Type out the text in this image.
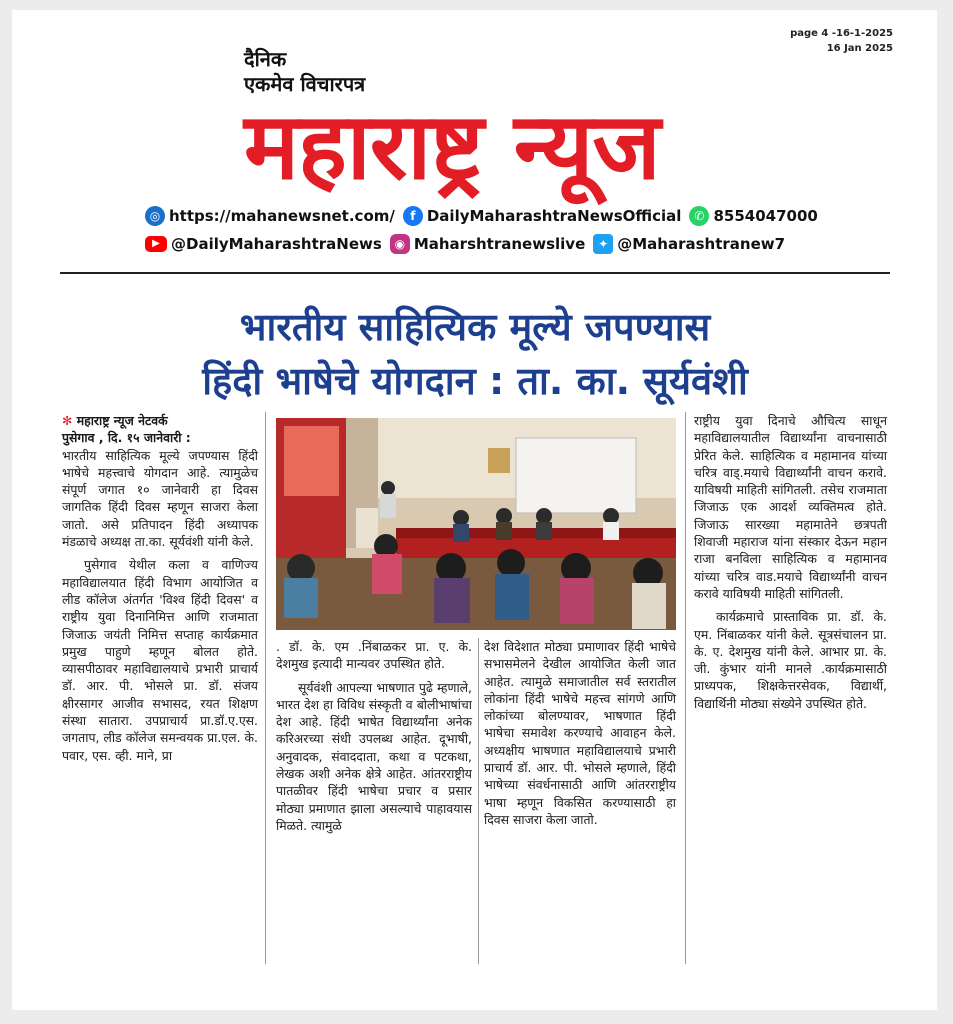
page 4 -16-1-2025
16 Jan 2025
दैनिक
एकमेव विचारपत्र
महाराष्ट्र न्यूज
◎ https://mahanewsnet.com/	f DailyMaharashtraNewsOfficial	✆ 8554047000
▶ @DailyMaharashtraNews	◉ Maharshtranewslive	✦ @Maharashtranew7
भारतीय साहित्यिक मूल्ये जपण्यास
हिंदी भाषेचे योगदान : ता. का. सूर्यवंशी
✻ महाराष्ट्र न्यूज नेटवर्क
पुसेगाव , दि. १५ जानेवारी :

भारतीय साहित्यिक मूल्ये जपण्यास हिंदी भाषेचे महत्त्वाचे योगदान आहे. त्यामुळेच संपूर्ण जगात १० जानेवारी हा दिवस जागतिक हिंदी दिवस म्हणून साजरा केला जातो. असे प्रतिपादन हिंदी अध्यापक मंडळाचे अध्यक्ष ता.का. सूर्यवंशी यांनी केले.

पुसेगाव येथील कला व वाणिज्य महाविद्यालयात हिंदी विभाग आयोजित व लीड कॉलेज अंतर्गत 'विश्व हिंदी दिवस' व राष्ट्रीय युवा दिनानिमित्त आणि राजमाता जिजाऊ जयंती निमित्त सप्ताह कार्यक्रमात प्रमुख पाहुणे म्हणून बोलत होते. व्यासपीठावर महाविद्यालयाचे प्रभारी प्राचार्य डॉ. आर. पी. भोसले प्रा. डॉ. संजय क्षीरसागर आजीव सभासद, रयत शिक्षण संस्था सातारा. उपप्राचार्य प्रा.डॉ.ए.एस. जगताप, लीड कॉलेज समन्वयक प्रा.एल. के. पवार, एस. व्ही. माने, प्रा

. डॉ. के. एम .निंबाळकर प्रा. ए. के. देशमुख इत्यादी मान्यवर उपस्थित होते.

सूर्यवंशी आपल्या भाषणात पुढे म्हणाले, भारत देश हा विविध संस्कृती व बोलीभाषांचा देश आहे. हिंदी भाषेत विद्यार्थ्यांना अनेक करिअरच्या संधी उपलब्ध आहेत. दूभाषी, अनुवादक, संवाददाता, कथा व पटकथा, लेखक अशी अनेक क्षेत्रे आहेत. आंतरराष्ट्रीय पातळीवर हिंदी भाषेचा प्रचार व प्रसार मोठ्या प्रमाणात झाला असल्याचे पाहावयास मिळते. त्यामुळे

देश विदेशात मोठ्या प्रमाणावर हिंदी भाषेचे सभासमेलने देखील आयोजित केली जात आहेत. त्यामुळे समाजातील सर्व स्तरातील लोकांना हिंदी भाषेचे महत्त्व सांगणे आणि लोकांच्या बोलण्यावर, भाषणात हिंदी भाषेचा समावेश करण्याचे आवाहन केले. अध्यक्षीय भाषणात महाविद्यालयाचे प्रभारी प्राचार्य डॉ. आर. पी. भोसले म्हणाले, हिंदी भाषेच्या संवर्धनासाठी आणि आंतरराष्ट्रीय भाषा म्हणून विकसित करण्यासाठी हा दिवस साजरा केला जातो.

राष्ट्रीय युवा दिनाचे औचित्य साधून महाविद्यालयातील विद्यार्थ्यांना वाचनासाठी प्रेरित केले. साहित्यिक व महामानव यांच्या चरित्र वाड्.मयाचे विद्यार्थ्यांनी वाचन करावे. याविषयी माहिती सांगितली. तसेच राजमाता जिजाऊ एक आदर्श व्यक्तिमत्व होते. जिजाऊ सारख्या महामातेने छत्रपती शिवाजी महाराज यांना संस्कार देऊन महान राजा बनविला साहित्यिक व महामानव यांच्या चरित्र वाड.मयाचे विद्यार्थ्यांनी वाचन करावे याविषयी माहिती सांगितली.

कार्यक्रमाचे प्रास्ताविक प्रा. डॉ. के. एम. निंबाळकर यांनी केले. सूत्रसंचालन प्रा. के. ए. देशमुख यांनी केले. आभार प्रा. के. जी. कुंभार यांनी मानले .कार्यक्रमासाठी प्राध्यपक, शिक्षकेत्तरसेवक, विद्यार्थी, विद्यार्थिनी मोठ्या संख्येने उपस्थित होते.
